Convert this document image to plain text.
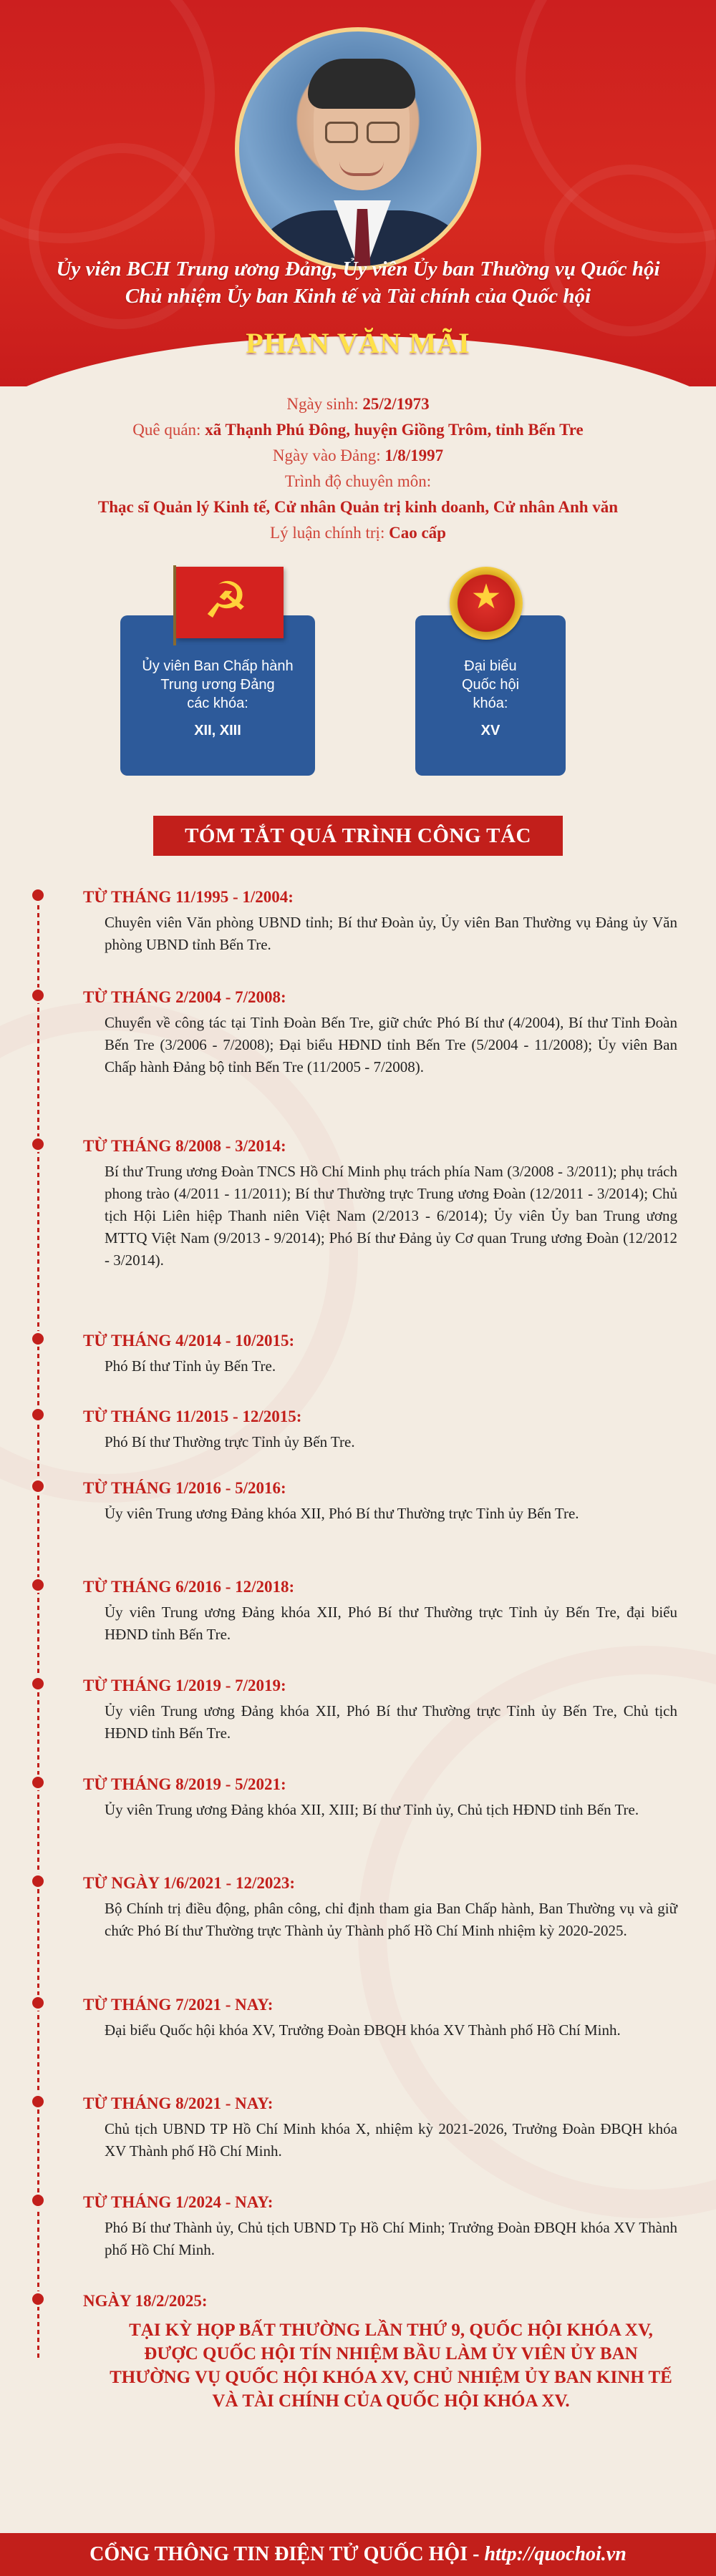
Ủy viên BCH Trung ương Đảng, Ủy viên Ủy ban Thường vụ Quốc hội
Chủ nhiệm Ủy ban Kinh tế và Tài chính của Quốc hội
PHAN VĂN MÃI
Ngày sinh: 25/2/1973
Quê quán: xã Thạnh Phú Đông, huyện Giồng Trôm, tỉnh Bến Tre
Ngày vào Đảng: 1/8/1997
Trình độ chuyên môn:
Thạc sĩ Quản lý Kinh tế, Cử nhân Quản trị kinh doanh, Cử nhân Anh văn
Lý luận chính trị: Cao cấp
Ủy viên Ban Chấp hành
Trung ương Đảng
các khóa:
XII, XIII
☭
Đại biểu
Quốc hội
khóa:
XV
★
TÓM TẮT QUÁ TRÌNH CÔNG TÁC
TỪ THÁNG 11/1995 - 1/2004:
Chuyên viên Văn phòng UBND tỉnh; Bí thư Đoàn ủy, Ủy viên Ban Thường vụ Đảng ủy Văn phòng UBND tỉnh Bến Tre.
TỪ THÁNG 2/2004 - 7/2008:
Chuyển về công tác tại Tỉnh Đoàn Bến Tre, giữ chức Phó Bí thư (4/2004), Bí thư Tỉnh Đoàn Bến Tre (3/2006 - 7/2008); Đại biểu HĐND tỉnh Bến Tre (5/2004 - 11/2008); Ủy viên Ban Chấp hành Đảng bộ tỉnh Bến Tre (11/2005 - 7/2008).
TỪ THÁNG 8/2008 - 3/2014:
Bí thư Trung ương Đoàn TNCS Hồ Chí Minh phụ trách phía Nam (3/2008 - 3/2011); phụ trách phong trào (4/2011 - 11/2011); Bí thư Thường trực Trung ương Đoàn (12/2011 - 3/2014); Chủ tịch Hội Liên hiệp Thanh niên Việt Nam (2/2013 - 6/2014); Ủy viên Ủy ban Trung ương MTTQ Việt Nam (9/2013 - 9/2014); Phó Bí thư Đảng ủy Cơ quan Trung ương Đoàn (12/2012 - 3/2014).
TỪ THÁNG 4/2014 - 10/2015:
Phó Bí thư Tỉnh ủy Bến Tre.
TỪ THÁNG 11/2015 - 12/2015:
Phó Bí thư Thường trực Tỉnh ủy Bến Tre.
TỪ THÁNG 1/2016 - 5/2016:
Ủy viên Trung ương Đảng khóa XII, Phó Bí thư Thường trực Tỉnh ủy Bến Tre.
TỪ THÁNG 6/2016 - 12/2018:
Ủy viên Trung ương Đảng khóa XII, Phó Bí thư Thường trực Tỉnh ủy Bến Tre, đại biểu HĐND tỉnh Bến Tre.
TỪ THÁNG 1/2019 - 7/2019:
Ủy viên Trung ương Đảng khóa XII, Phó Bí thư Thường trực Tỉnh ủy Bến Tre, Chủ tịch HĐND tỉnh Bến Tre.
TỪ THÁNG 8/2019 - 5/2021:
Ủy viên Trung ương Đảng khóa XII, XIII; Bí thư Tỉnh ủy, Chủ tịch HĐND tỉnh Bến Tre.
TỪ NGÀY 1/6/2021 - 12/2023:
Bộ Chính trị điều động, phân công, chỉ định tham gia Ban Chấp hành, Ban Thường vụ và giữ chức Phó Bí thư Thường trực Thành ủy Thành phố Hồ Chí Minh nhiệm kỳ 2020-2025.
TỪ THÁNG 7/2021 - NAY:
Đại biểu Quốc hội khóa XV, Trưởng Đoàn ĐBQH khóa XV Thành phố Hồ Chí Minh.
TỪ THÁNG 8/2021 - NAY:
Chủ tịch UBND TP Hồ Chí Minh khóa X, nhiệm kỳ 2021-2026, Trưởng Đoàn ĐBQH khóa XV Thành phố Hồ Chí Minh.
TỪ THÁNG 1/2024 - NAY:
Phó Bí thư Thành ủy, Chủ tịch UBND Tp Hồ Chí Minh; Trưởng Đoàn ĐBQH khóa XV Thành phố Hồ Chí Minh.
NGÀY 18/2/2025:
TẠI KỲ HỌP BẤT THƯỜNG LẦN THỨ 9, QUỐC HỘI KHÓA XV, ĐƯỢC QUỐC HỘI TÍN NHIỆM BẦU LÀM ỦY VIÊN ỦY BAN THƯỜNG VỤ QUỐC HỘI KHÓA XV, CHỦ NHIỆM ỦY BAN KINH TẾ VÀ TÀI CHÍNH CỦA QUỐC HỘI KHÓA XV.
CỔNG THÔNG TIN ĐIỆN TỬ QUỐC HỘI - http://quochoi.vn
